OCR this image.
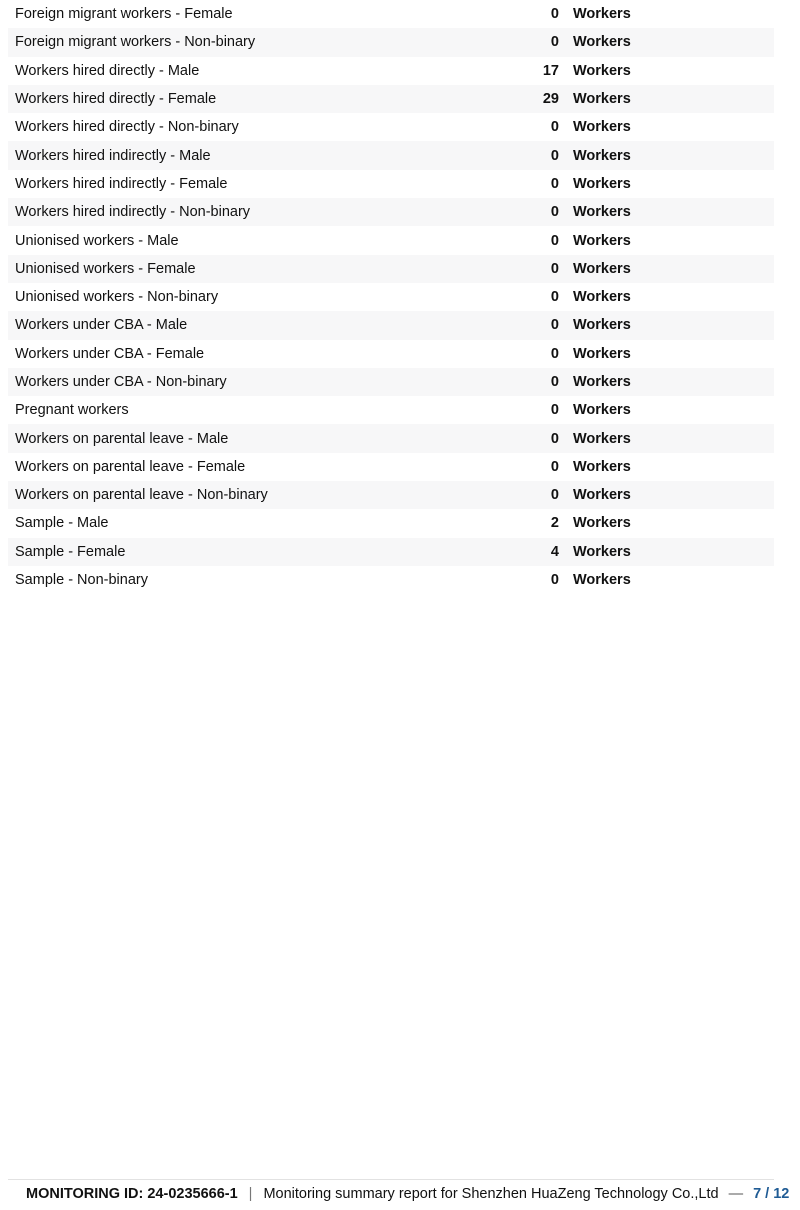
Foreign migrant workers - Female	0 Workers
Foreign migrant workers - Non-binary	0 Workers
Workers hired directly - Male	17 Workers
Workers hired directly - Female	29 Workers
Workers hired directly - Non-binary	0 Workers
Workers hired indirectly - Male	0 Workers
Workers hired indirectly - Female	0 Workers
Workers hired indirectly - Non-binary	0 Workers
Unionised workers - Male	0 Workers
Unionised workers - Female	0 Workers
Unionised workers - Non-binary	0 Workers
Workers under CBA - Male	0 Workers
Workers under CBA - Female	0 Workers
Workers under CBA - Non-binary	0 Workers
Pregnant workers	0 Workers
Workers on parental leave - Male	0 Workers
Workers on parental leave - Female	0 Workers
Workers on parental leave - Non-binary	0 Workers
Sample - Male	2 Workers
Sample - Female	4 Workers
Sample - Non-binary	0 Workers
MONITORING ID: 24-0235666-1 | Monitoring summary report for Shenzhen HuaZeng Technology Co.,Ltd — 7 / 12
